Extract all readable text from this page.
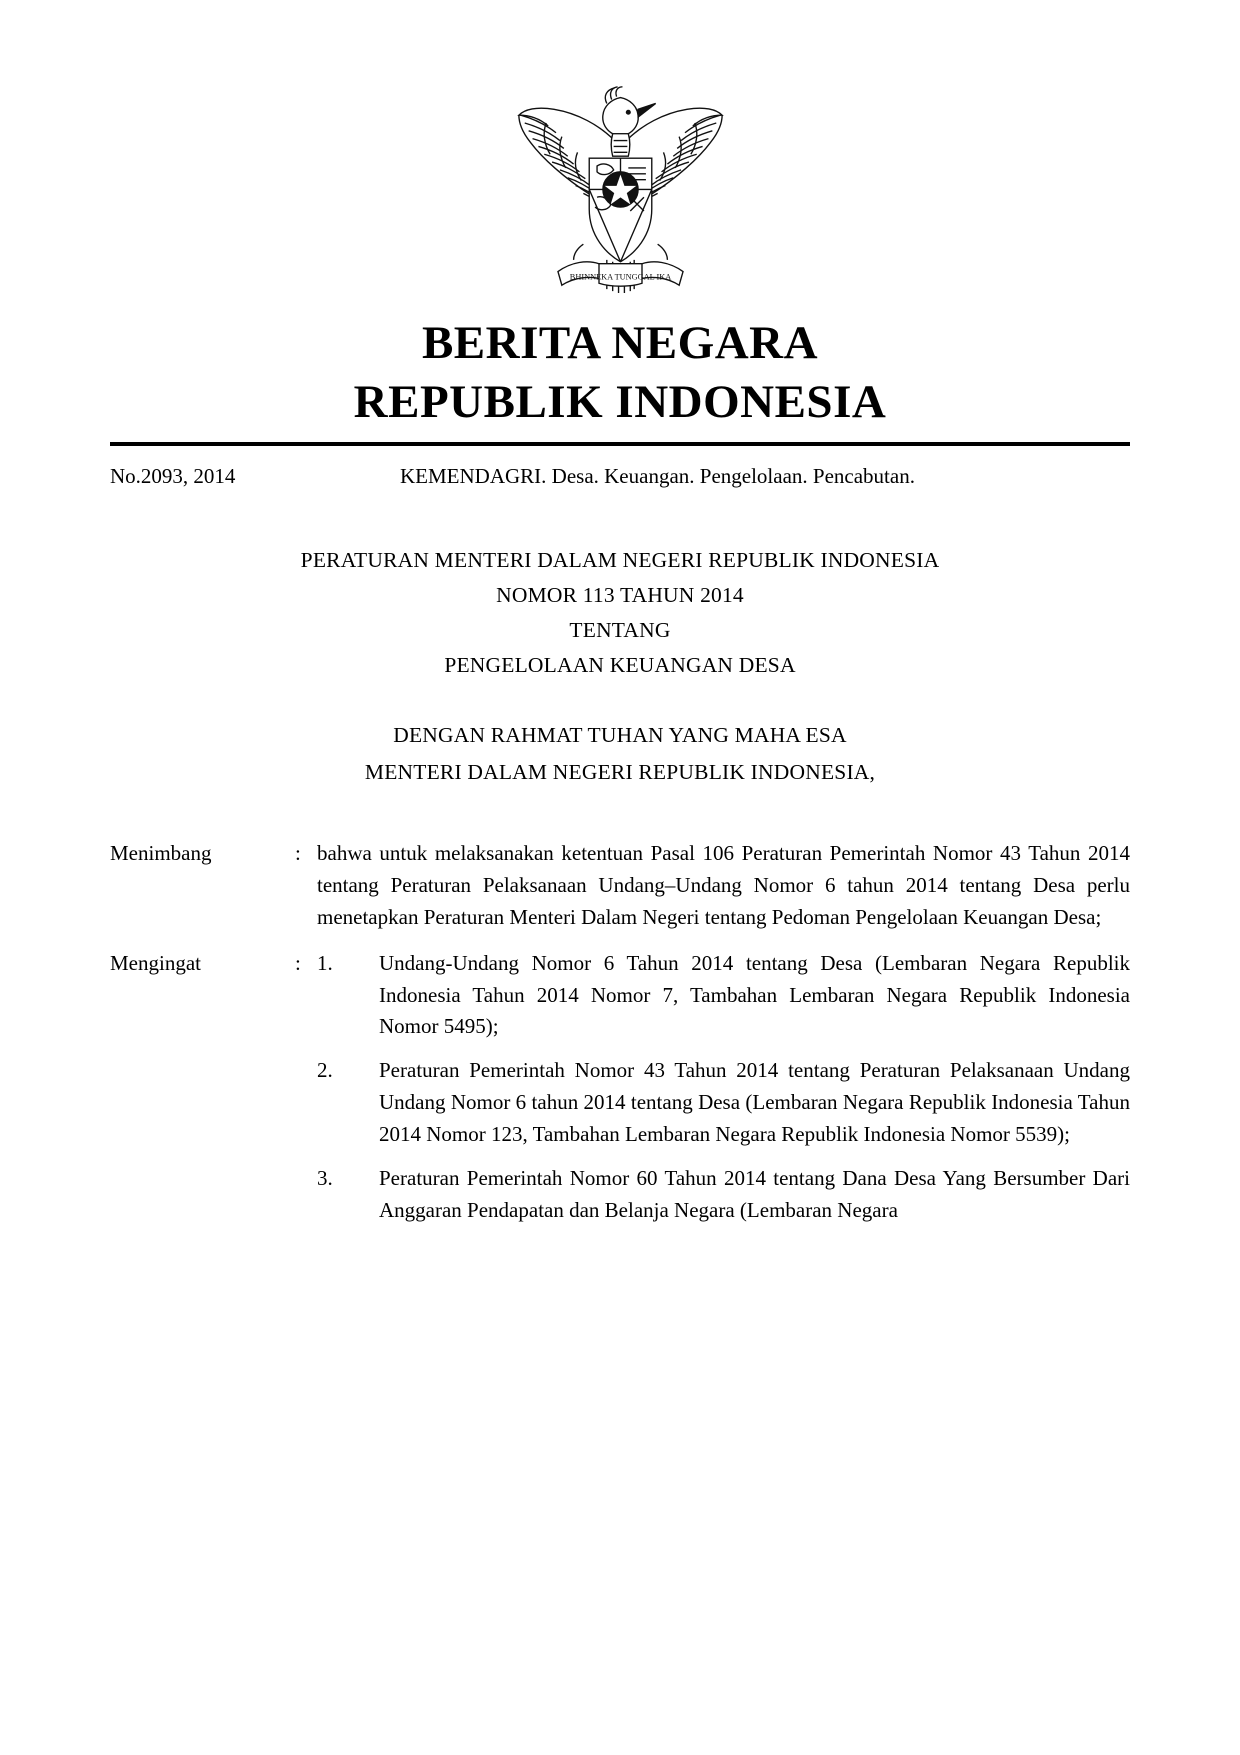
BHINNEKA TUNGGAL IKA
BERITA NEGARA
REPUBLIK INDONESIA
No.2093, 2014	KEMENDAGRI. Desa. Keuangan. Pengelolaan. Pencabutan.
PERATURAN MENTERI DALAM NEGERI REPUBLIK INDONESIA
NOMOR 113 TAHUN 2014
TENTANG
PENGELOLAAN KEUANGAN DESA
DENGAN RAHMAT TUHAN YANG MAHA ESA
MENTERI DALAM NEGERI REPUBLIK INDONESIA,
Menimbang	: bahwa untuk melaksanakan ketentuan Pasal 106 Peraturan Pemerintah Nomor 43 Tahun 2014 tentang Peraturan Pelaksanaan Undang–Undang Nomor 6 tahun 2014 tentang Desa perlu menetapkan Peraturan Menteri Dalam Negeri tentang Pedoman Pengelolaan Keuangan Desa;
Mengingat	: 1.	Undang-Undang Nomor 6 Tahun 2014 tentang Desa (Lembaran Negara Republik Indonesia Tahun 2014 Nomor 7, Tambahan Lembaran Negara Republik Indonesia Nomor 5495);
2.	Peraturan Pemerintah Nomor 43 Tahun 2014 tentang Peraturan Pelaksanaan Undang Undang Nomor 6 tahun 2014 tentang Desa (Lembaran Negara Republik Indonesia Tahun 2014 Nomor 123, Tambahan Lembaran Negara Republik Indonesia Nomor 5539);
3.	Peraturan Pemerintah Nomor 60 Tahun 2014 tentang Dana Desa Yang Bersumber Dari Anggaran Pendapatan dan Belanja Negara (Lembaran Negara
